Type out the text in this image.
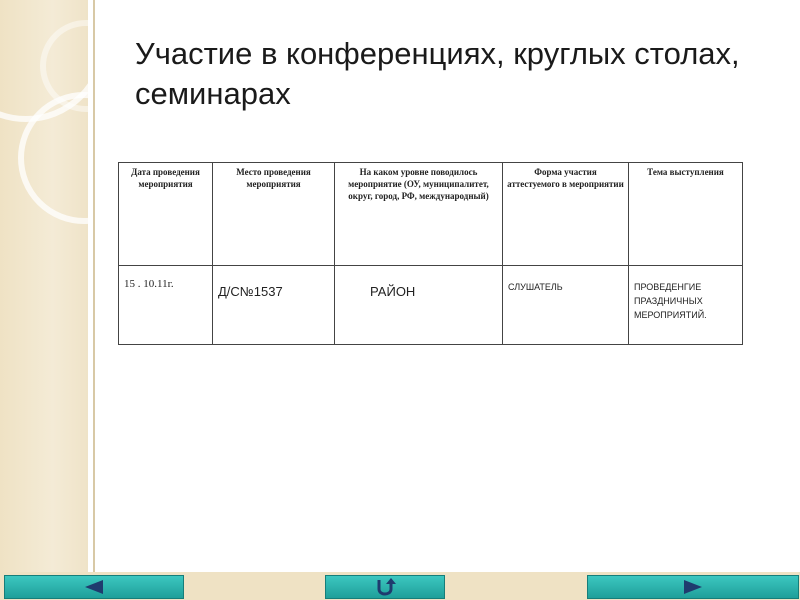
Участие в конференциях, круглых столах, семинарах
Дата проведения мероприятия	Место проведения мероприятия	На каком уровне поводилось мероприятие (ОУ, муниципалитет, округ, город, РФ, международный)	Форма участия аттестуемого в мероприятии	Тема выступления
15 . 10.11г.	Д/С№1537	РАЙОН	СЛУШАТЕЛЬ	ПРОВЕДЕНГИЕ ПРАЗДНИЧНЫХ МЕРОПРИЯТИЙ.
